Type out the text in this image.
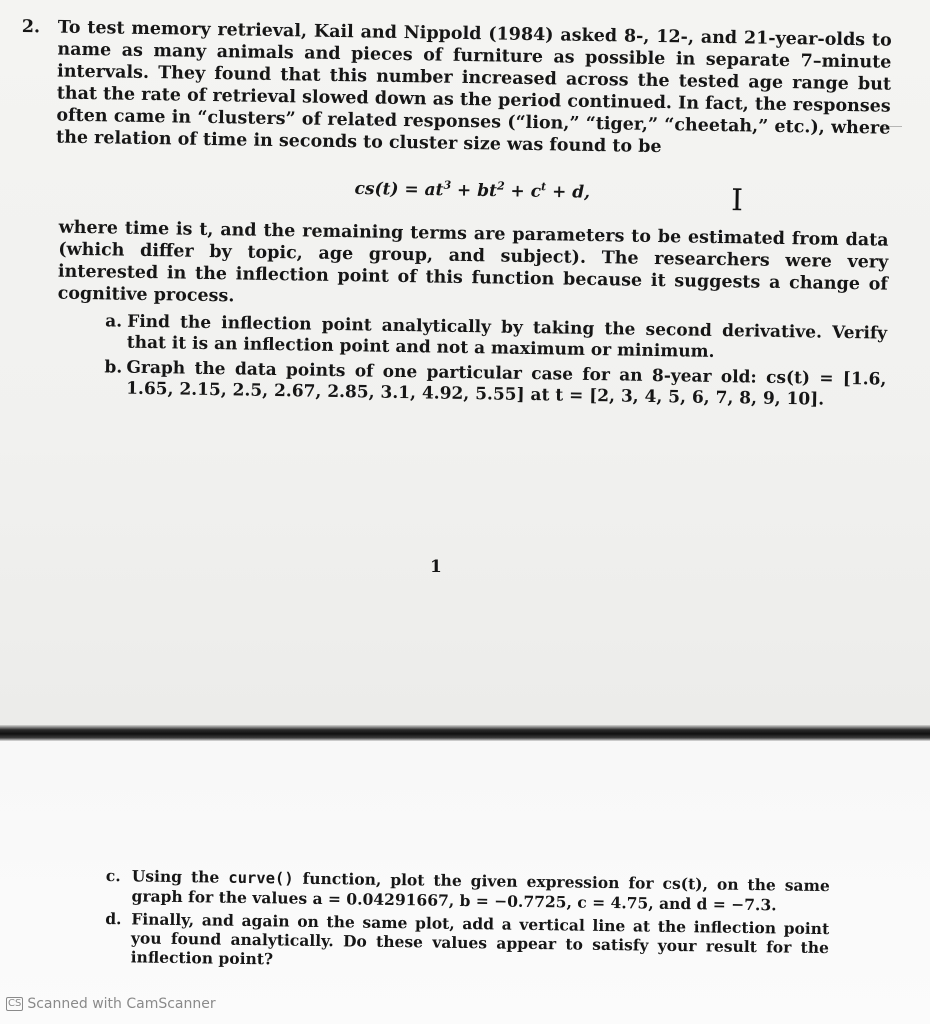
2. To test memory retrieval, Kail and Nippold (1984) asked 8-, 12-, and 21-year-olds to name as many animals and pieces of furniture as possible in separate 7–minute intervals. They found that this number increased across the tested age range but that the rate of retrieval slowed down as the period continued. In fact, the responses often came in “clusters” of related responses (“lion,” “tiger,” “cheetah,” etc.), where the relation of time in seconds to cluster size was found to be
$cs(t) = at^3 + bt^2 + c^t + d$,	I
where time is t, and the remaining terms are parameters to be estimated from data (which differ by topic, age group, and subject). The researchers were very interested in the inflection point of this function because it suggests a change of cognitive process.
a. Find the inflection point analytically by taking the second derivative. Verify that it is an inflection point and not a maximum or minimum.
b. Graph the data points of one particular case for an 8-year old: cs(t) = [1.6, 1.65, 2.15, 2.5, 2.67, 2.85, 3.1, 4.92, 5.55] at t = [2, 3, 4, 5, 6, 7, 8, 9, 10].
1
c. Using the curve() function, plot the given expression for cs(t), on the same graph for the values a = 0.04291667, b = −0.7725, c = 4.75, and d = −7.3.
d. Finally, and again on the same plot, add a vertical line at the inflection point you found analytically. Do these values appear to satisfy your result for the inflection point?
CS Scanned with CamScanner
